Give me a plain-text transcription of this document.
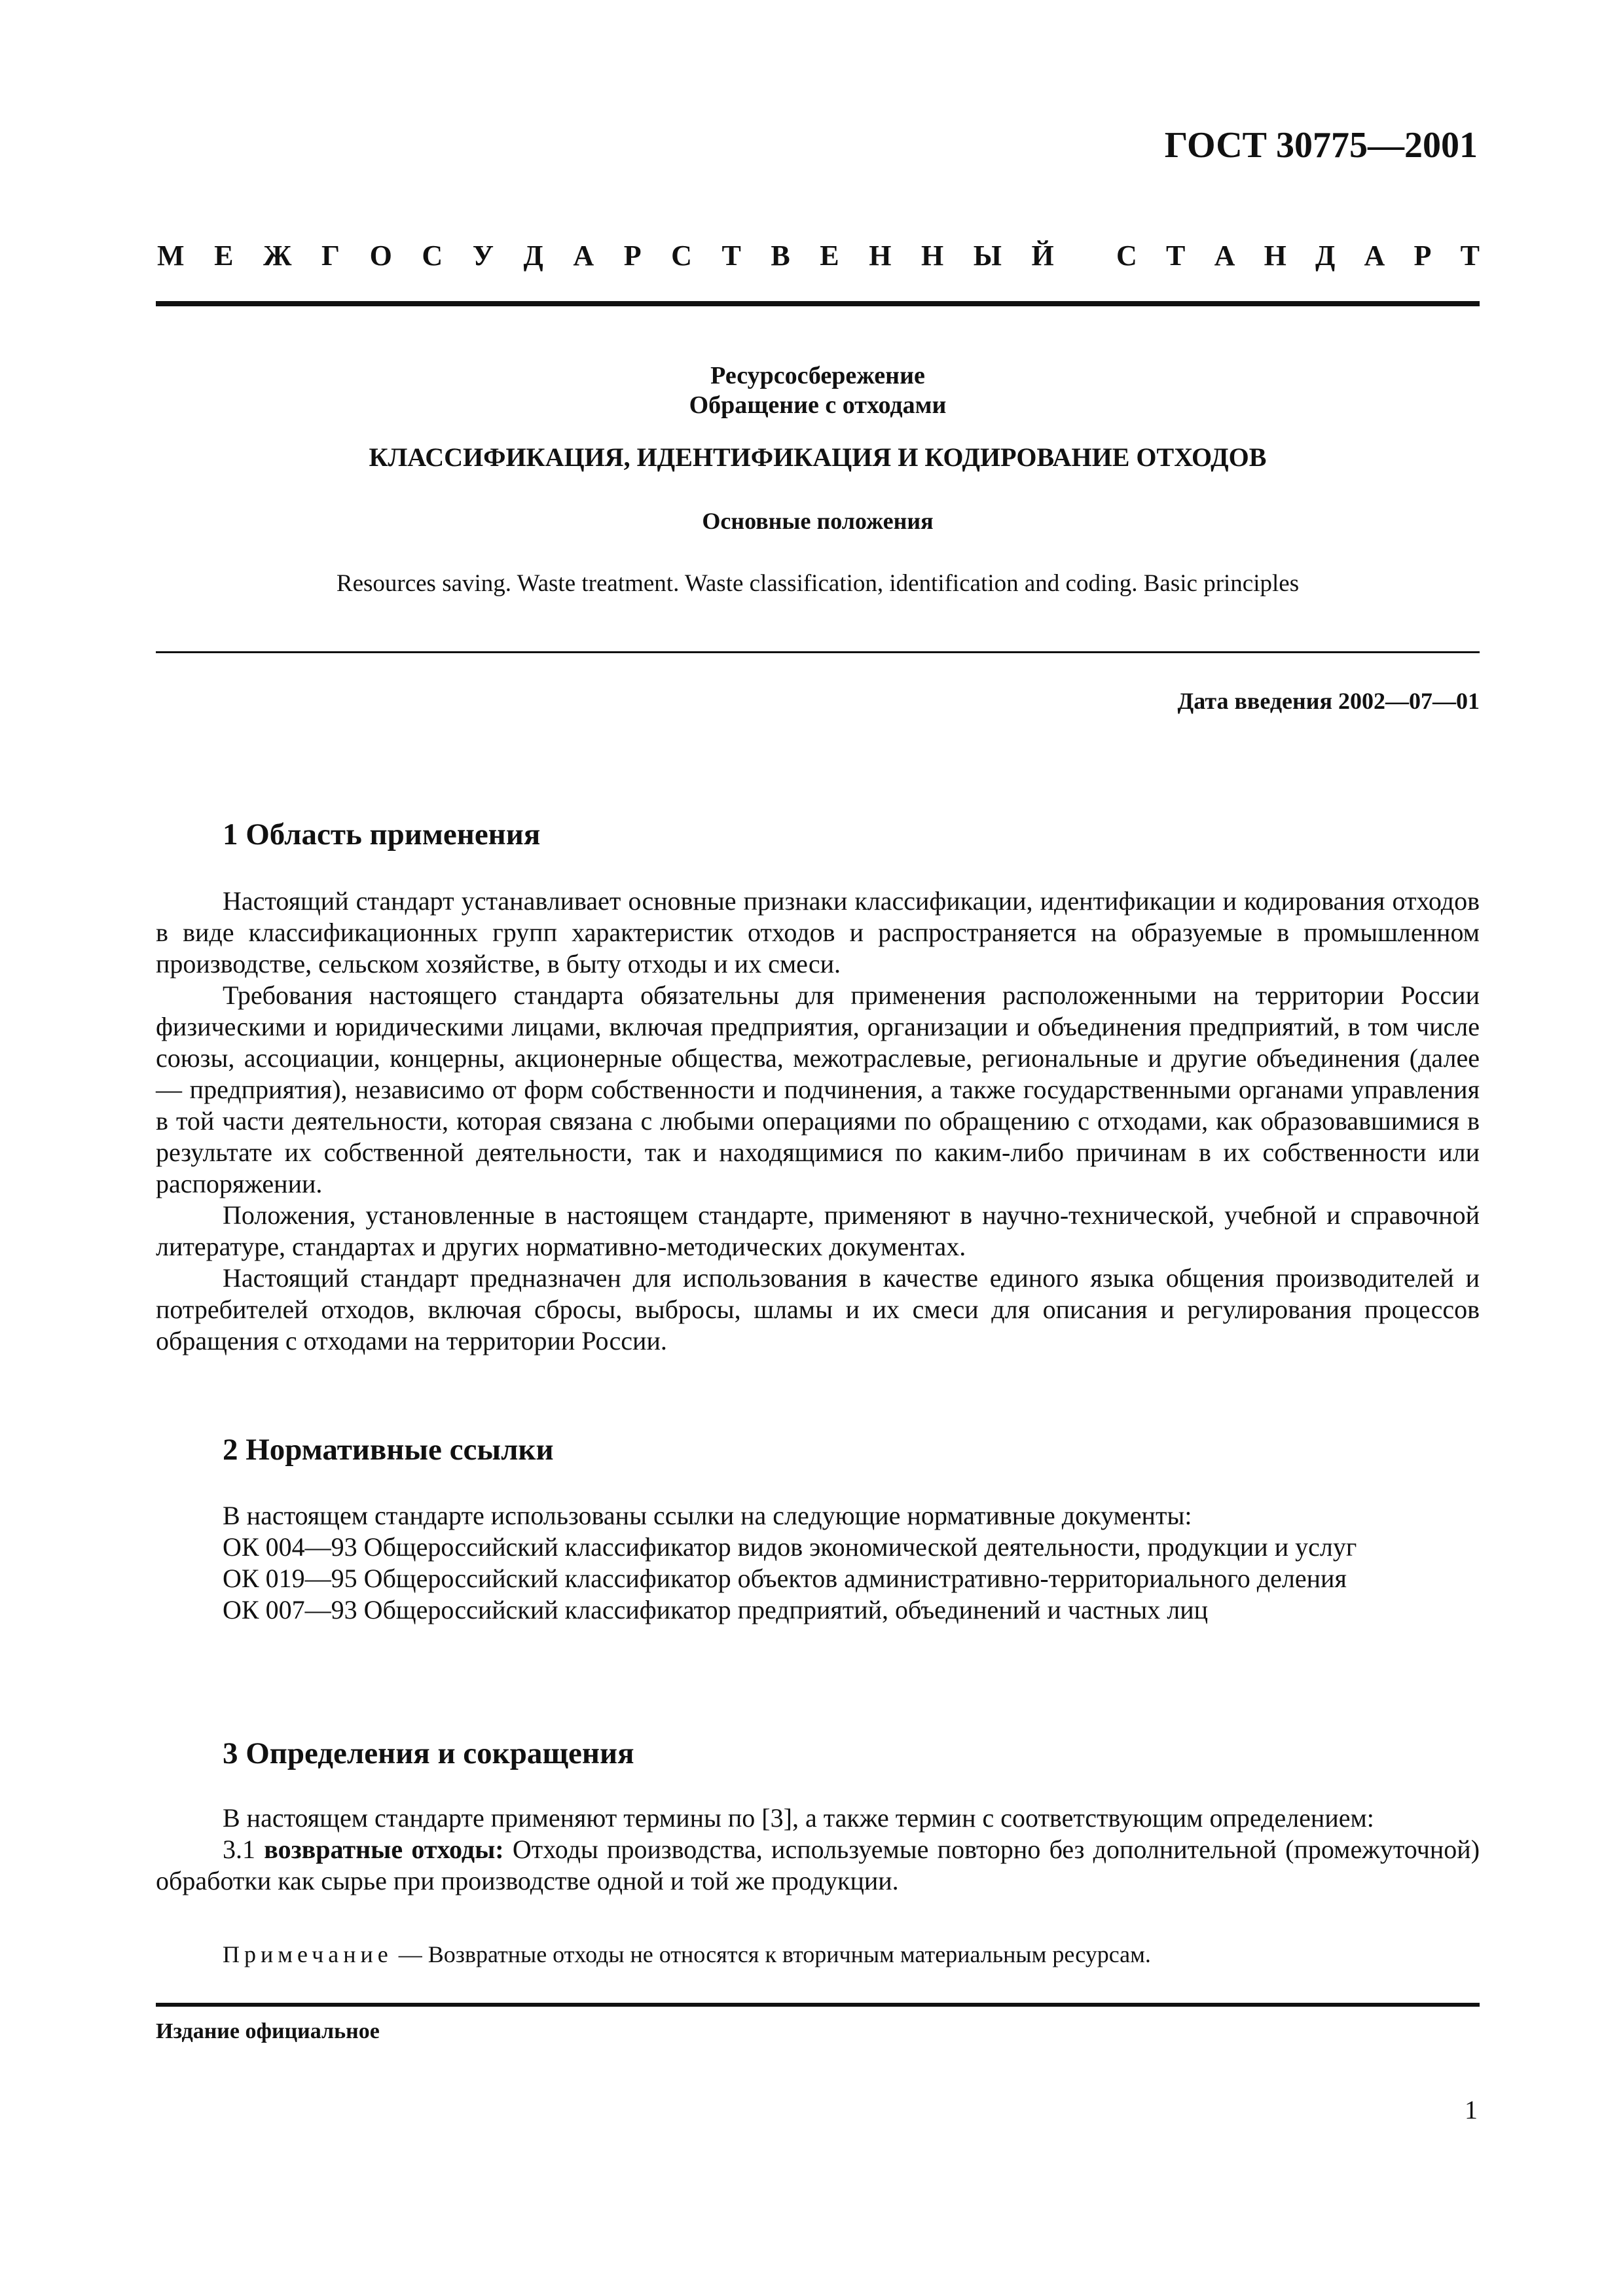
ГОСТ 30775—2001
М Е Ж Г О С У Д А Р С Т В Е Н Н Ы Й С Т А Н Д А Р Т
Ресурсосбережение
Обращение с отходами
КЛАССИФИКАЦИЯ, ИДЕНТИФИКАЦИЯ И КОДИРОВАНИЕ ОТХОДОВ
Основные положения
Resources saving. Waste treatment. Waste classification, identification and coding. Basic principles
Дата введения 2002—07—01
1 Область применения

Настоящий стандарт устанавливает основные признаки классификации, идентификации и кодирования отходов в виде классификационных групп характеристик отходов и распространяется на образуемые в промышленном производстве, сельском хозяйстве, в быту отходы и их смеси.

Требования настоящего стандарта обязательны для применения расположенными на территории России физическими и юридическими лицами, включая предприятия, организации и объединения предприятий, в том числе союзы, ассоциации, концерны, акционерные общества, межотраслевые, региональные и другие объединения (далее — предприятия), независимо от форм собственности и подчинения, а также государственными органами управления в той части деятельности, которая связана с любыми операциями по обращению с отходами, как образовавшимися в результате их собственной деятельности, так и находящимися по каким-либо причинам в их собственности или распоряжении.

Положения, установленные в настоящем стандарте, применяют в научно-технической, учебной и справочной литературе, стандартах и других нормативно-методических документах.

Настоящий стандарт предназначен для использования в качестве единого языка общения производителей и потребителей отходов, включая сбросы, выбросы, шламы и их смеси для описания и регулирования процессов обращения с отходами на территории России.

2 Нормативные ссылки

В настоящем стандарте использованы ссылки на следующие нормативные документы:

ОК 004—93 Общероссийский классификатор видов экономической деятельности, продукции и услуг

ОК 019—95 Общероссийский классификатор объектов административно-территориального деления

ОК 007—93 Общероссийский классификатор предприятий, объединений и частных лиц

3 Определения и сокращения

В настоящем стандарте применяют термины по [3], а также термин с соответствующим определением:

3.1 возвратные отходы: Отходы производства, используемые повторно без дополнительной (промежуточной) обработки как сырье при производстве одной и той же продукции.

Примечание — Возвратные отходы не относятся к вторичным материальным ресурсам.
Издание официальное
1
